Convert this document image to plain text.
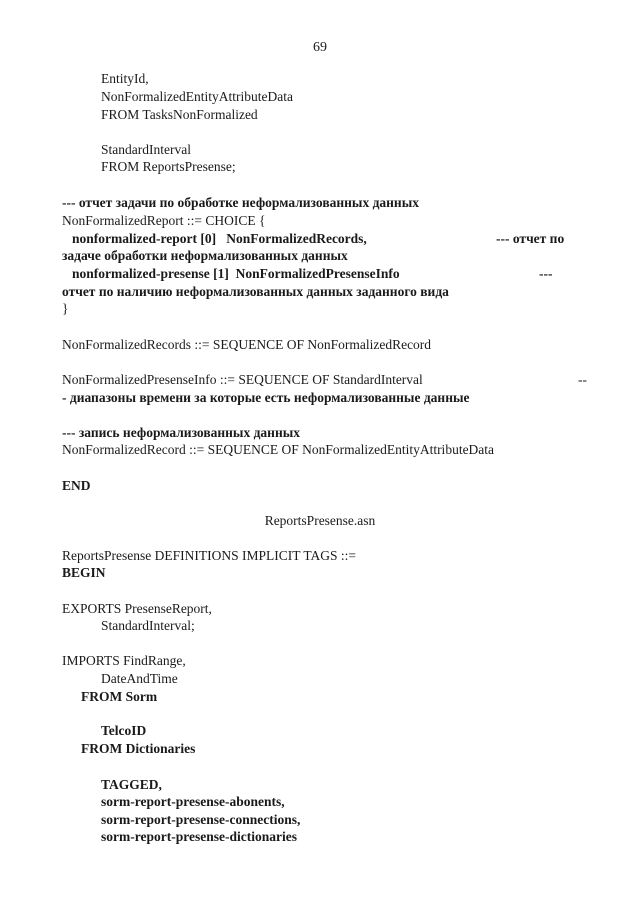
69
EntityId,
NonFormalizedEntityAttributeData
FROM TasksNonFormalized
StandardInterval
FROM ReportsPresense;
--- отчет задачи по обработке неформализованных данных
NonFormalizedReport ::= CHOICE {
nonformalized-report [0]   NonFormalizedRecords,	--- отчет по
задаче обработки неформализованных данных
nonformalized-presense [1]  NonFormalizedPresenseInfo	---
отчет по наличию неформализованных данных заданного вида
}
NonFormalizedRecords ::= SEQUENCE OF NonFormalizedRecord
NonFormalizedPresenseInfo ::= SEQUENCE OF StandardInterval	--
- диапазоны времени за которые есть неформализованные данные
--- запись неформализованных данных
NonFormalizedRecord ::= SEQUENCE OF NonFormalizedEntityAttributeData
END
ReportsPresense.asn
ReportsPresense DEFINITIONS IMPLICIT TAGS ::=
BEGIN
EXPORTS PresenseReport,
StandardInterval;
IMPORTS FindRange,
DateAndTime
FROM Sorm
TelcoID
FROM Dictionaries
TAGGED,
sorm-report-presense-abonents,
sorm-report-presense-connections,
sorm-report-presense-dictionaries
